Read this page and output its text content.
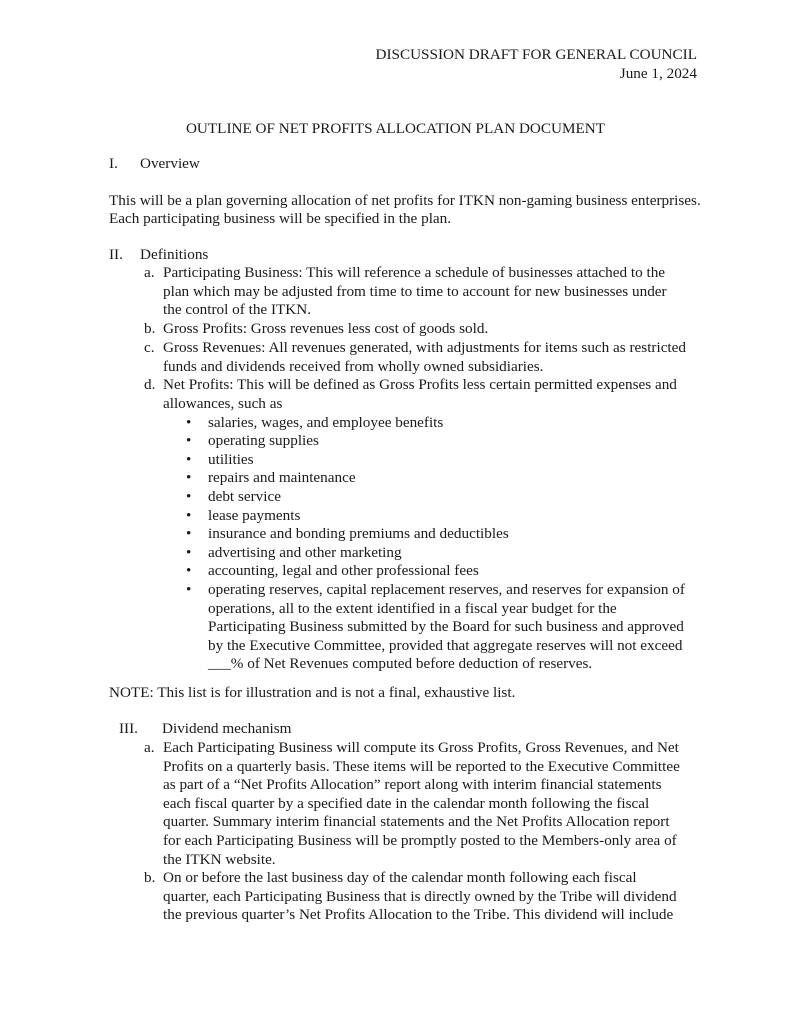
DISCUSSION DRAFT FOR GENERAL COUNCIL
June 1, 2024
OUTLINE OF NET PROFITS ALLOCATION PLAN DOCUMENT
I. Overview
This will be a plan governing allocation of net profits for ITKN non-gaming business enterprises.
Each participating business will be specified in the plan.
II. Definitions
a. Participating Business: This will reference a schedule of businesses attached to the
plan which may be adjusted from time to time to account for new businesses under
the control of the ITKN.
b. Gross Profits: Gross revenues less cost of goods sold.
c. Gross Revenues: All revenues generated, with adjustments for items such as restricted
funds and dividends received from wholly owned subsidiaries.
d. Net Profits: This will be defined as Gross Profits less certain permitted expenses and
allowances, such as
• salaries, wages, and employee benefits
• operating supplies
• utilities
• repairs and maintenance
• debt service
• lease payments
• insurance and bonding premiums and deductibles
• advertising and other marketing
• accounting, legal and other professional fees
• operating reserves, capital replacement reserves, and reserves for expansion of
operations, all to the extent identified in a fiscal year budget for the
Participating Business submitted by the Board for such business and approved
by the Executive Committee, provided that aggregate reserves will not exceed
___% of Net Revenues computed before deduction of reserves.
NOTE: This list is for illustration and is not a final, exhaustive list.
III. Dividend mechanism
a. Each Participating Business will compute its Gross Profits, Gross Revenues, and Net
Profits on a quarterly basis. These items will be reported to the Executive Committee
as part of a “Net Profits Allocation” report along with interim financial statements
each fiscal quarter by a specified date in the calendar month following the fiscal
quarter. Summary interim financial statements and the Net Profits Allocation report
for each Participating Business will be promptly posted to the Members-only area of
the ITKN website.
b. On or before the last business day of the calendar month following each fiscal
quarter, each Participating Business that is directly owned by the Tribe will dividend
the previous quarter’s Net Profits Allocation to the Tribe. This dividend will include
